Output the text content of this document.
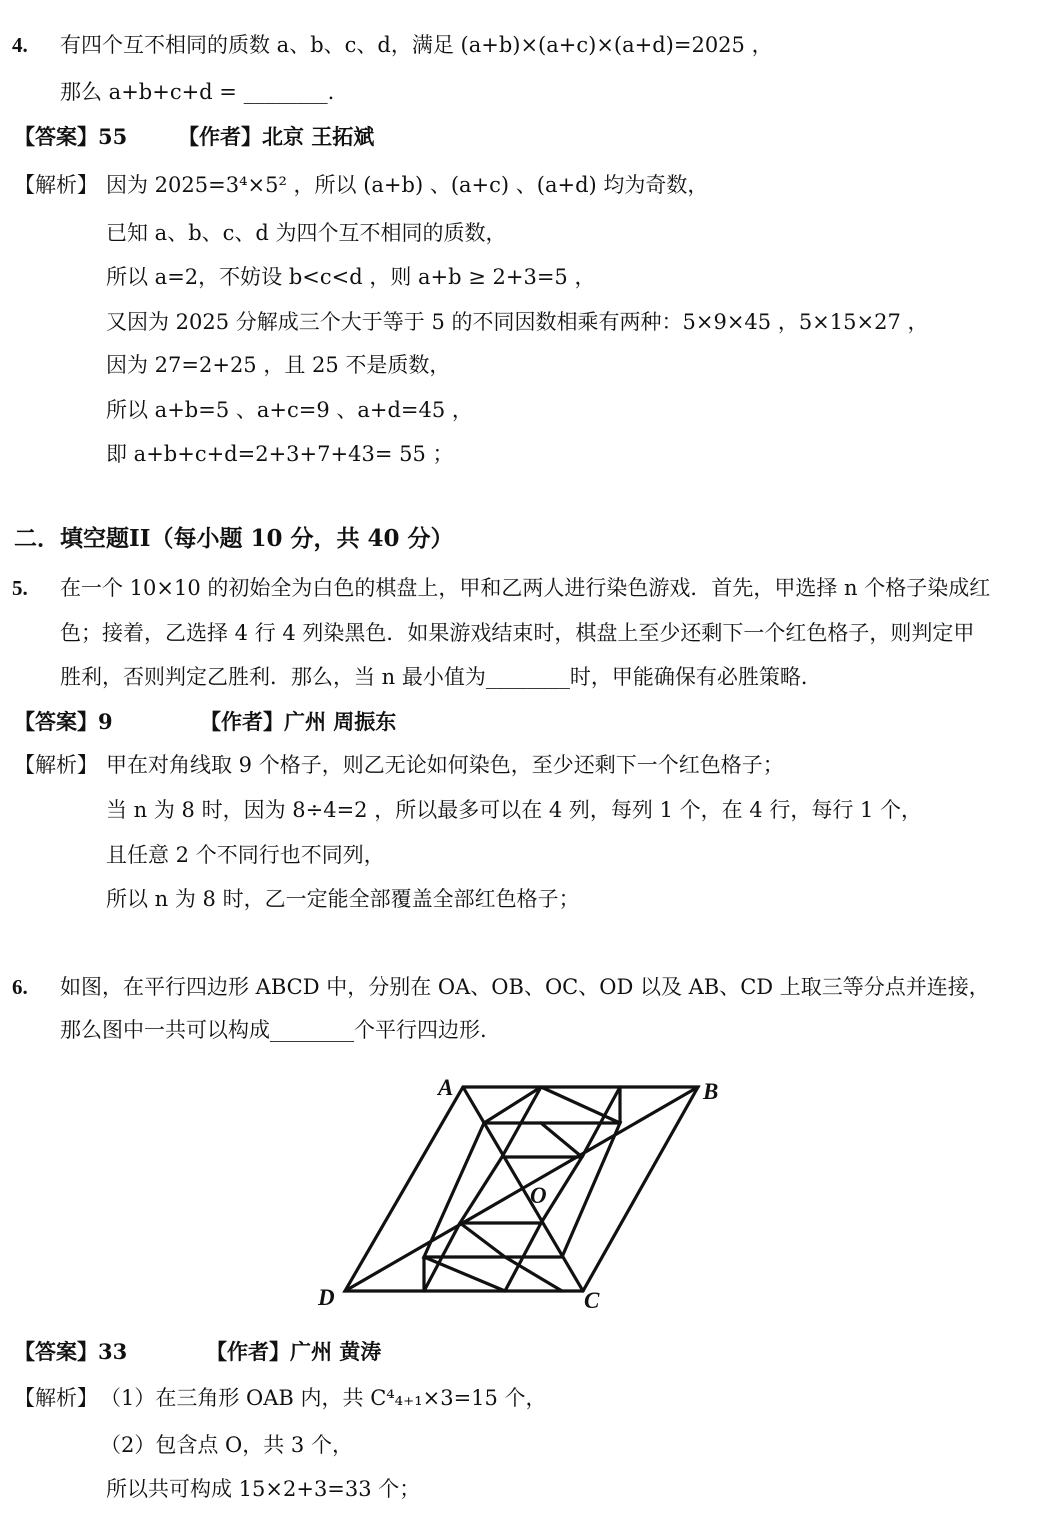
4. 有四个互不相同的质数 a、b、c、d，满足 (a+b)×(a+c)×(a+d)=2025 ，
那么 a+b+c+d = ________.
【答案】55 【作者】北京 王拓斌
【解析】 因为 2025=3⁴×5² ，所以 (a+b) 、(a+c) 、(a+d) 均为奇数，
已知 a、b、c、d 为四个互不相同的质数，
所以 a=2，不妨设 b<c<d ，则 a+b ≥ 2+3=5 ，
又因为 2025 分解成三个大于等于 5 的不同因数相乘有两种：5×9×45 ，5×15×27 ，
因为 27=2+25 ，且 25 不是质数，
所以 a+b=5 、a+c=9 、a+d=45 ，
即 a+b+c+d=2+3+7+43= 55 ；
二．填空题II（每小题 10 分，共 40 分）
5. 在一个 10×10 的初始全为白色的棋盘上，甲和乙两人进行染色游戏．首先，甲选择 n 个格子染成红
色；接着，乙选择 4 行 4 列染黑色．如果游戏结束时，棋盘上至少还剩下一个红色格子，则判定甲
胜利，否则判定乙胜利．那么，当 n 最小值为________时，甲能确保有必胜策略．
【答案】9	【作者】广州 周振东
【解析】 甲在对角线取 9 个格子，则乙无论如何染色，至少还剩下一个红色格子；
当 n 为 8 时，因为 8÷4=2 ，所以最多可以在 4 列，每列 1 个，在 4 行，每行 1 个，
且任意 2 个不同行也不同列，
所以 n 为 8 时，乙一定能全部覆盖全部红色格子；
6. 如图，在平行四边形 ABCD 中，分别在 OA、OB、OC、OD 以及 AB、CD 上取三等分点并连接，
那么图中一共可以构成________个平行四边形.
A	B
C
D
O
【答案】33	【作者】广州 黄涛
【解析】 （1）在三角形 OAB 内，共 C⁴₄₊₁×3=15 个，
（2）包含点 O，共 3 个，
所以共可构成 15×2+3=33 个；
